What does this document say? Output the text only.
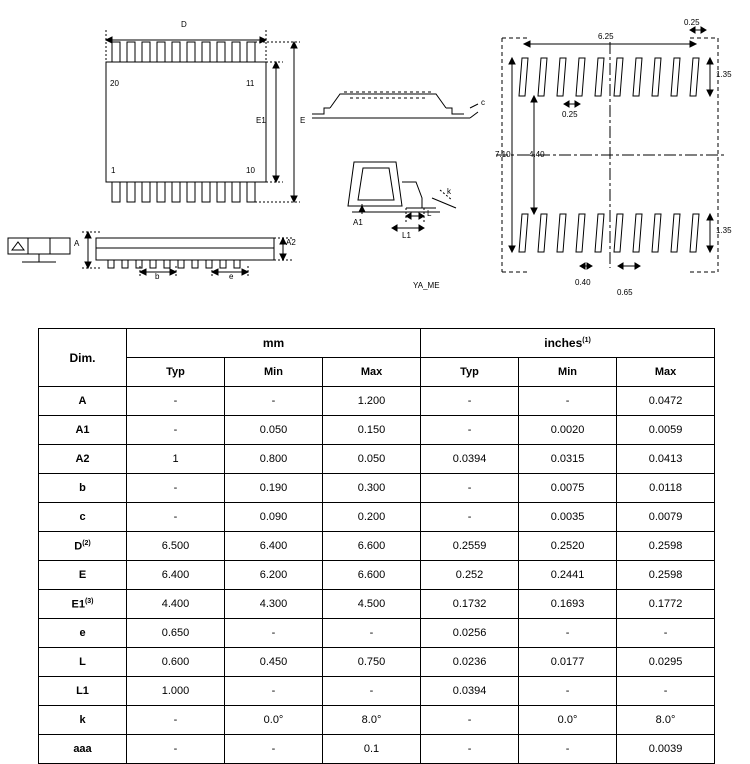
D
20	11
1	10
E1	E
A	A2
b	e
c
A1
L
L1
k
YA_ME
6.25
0.25
0.25
1.35
1.35
7.10 4.40
0.40
0.65
Dim.	mm			inches$^{(1)}$
	Typ	Min	Max	Typ	Min	Max
A	-	-	1.200	-	-	0.0472
A1	-	0.050	0.150	-	0.0020	0.0059
A2	1	0.800	0.050	0.0394	0.0315	0.0413
b	-	0.190	0.300	-	0.0075	0.0118
c	-	0.090	0.200	-	0.0035	0.0079
$D^{(2)}$	6.500	6.400	6.600	0.2559	0.2520	0.2598
E	6.400	6.200	6.600	0.252	0.2441	0.2598
E1$^{(3)}$	4.400	4.300	4.500	0.1732	0.1693	0.1772
e	0.650	-	-	0.0256	-	-
L	0.600	0.450	0.750	0.0236	0.0177	0.0295
L1	1.000	-	-	0.0394	-	-
k	-	0.0°	8.0°	-	0.0°	8.0°
aaa	-	-	0.1	-	-	0.0039
